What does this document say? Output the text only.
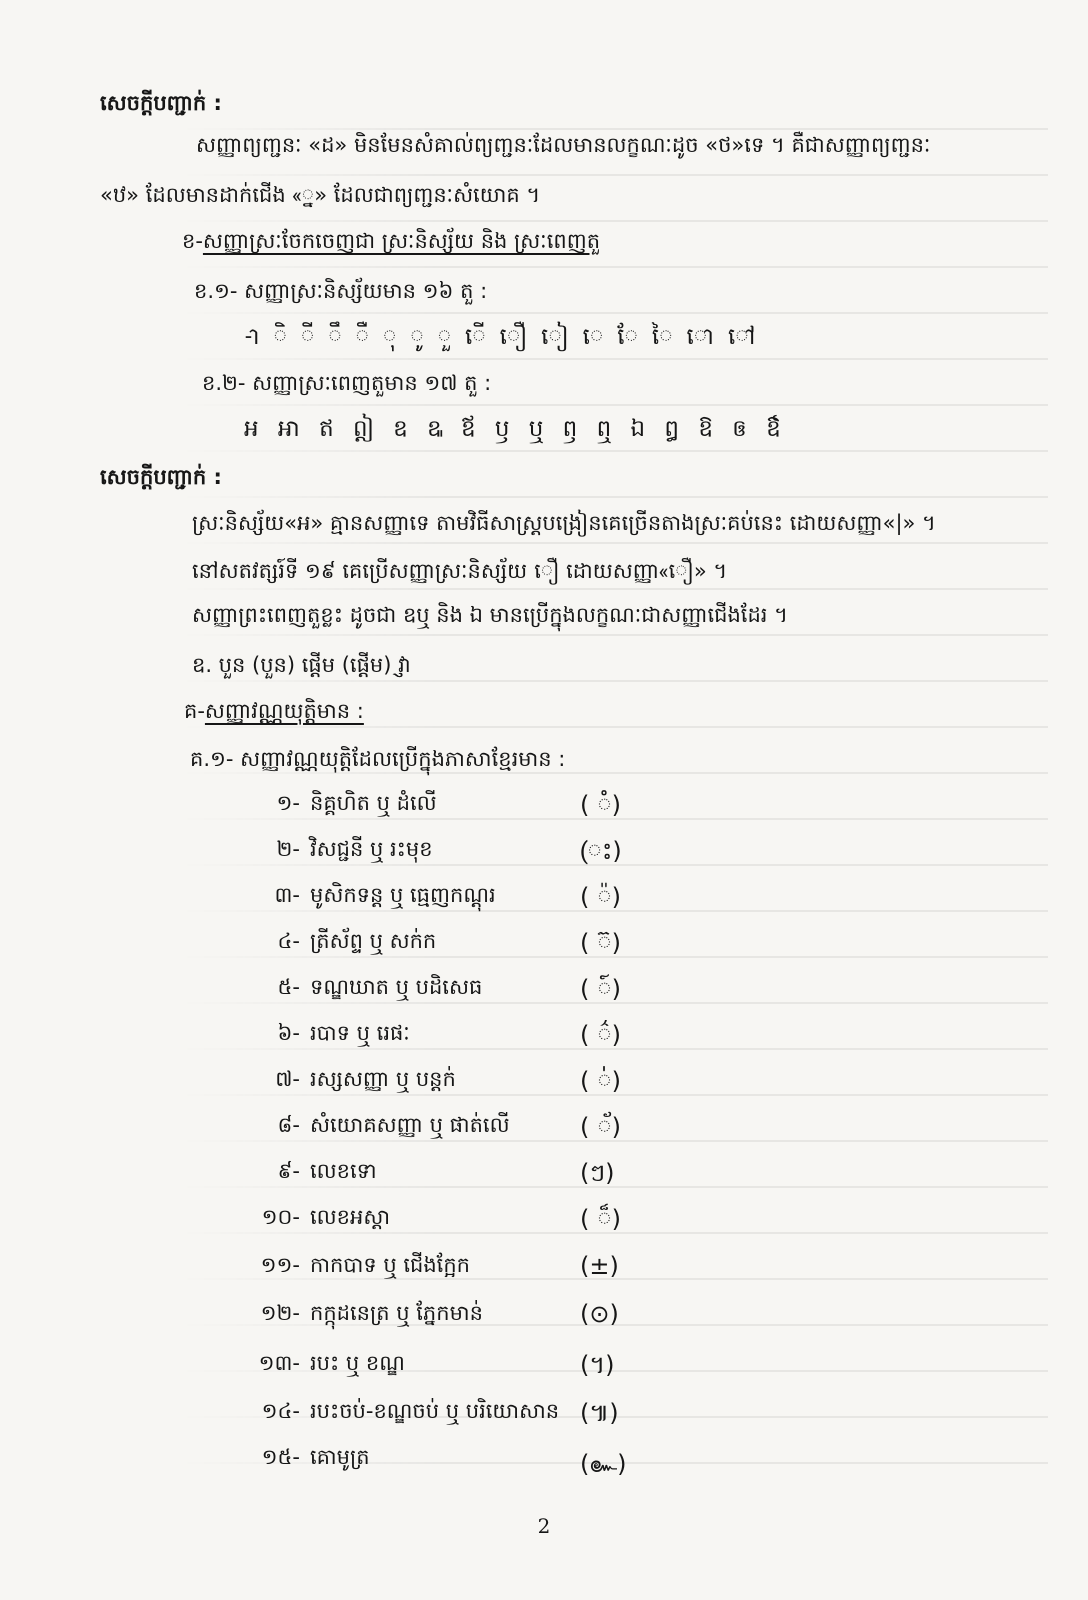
សេចក្ដីបញ្ជាក់ :
សញ្ញាព្យញ្ជនៈ «ដ» មិនមែនសំគាល់ព្យញ្ជនៈដែលមានលក្ខណៈដូច «ថ»ទេ ។ គឺជាសញ្ញាព្យញ្ជនៈ
«ឋ» ដែលមានដាក់ជើង «្ន» ដែលជាព្យញ្ជនៈសំយោគ ។
ខ-សញ្ញាស្រៈចែកចេញជា ស្រៈនិស្ស័យ និង ស្រៈពេញតួ
ខ.១- សញ្ញាស្រៈនិស្ស័យមាន ១៦ តួ :
-ា ិ ី ឹ ឺ ុ ូ ួ ើ ឿ ៀ េ ែ ៃ ោ ៅ
ខ.២- សញ្ញាស្រៈពេញតួមាន ១៧ តួ :
អ អា ឥ ឦ ឧ ឩ ឪ ឫ ឬ ឭ ឮ ឯ ឰ ឱ ឲ ឳ
សេចក្ដីបញ្ជាក់ :
ស្រៈនិស្ស័យ«អ» គ្មានសញ្ញាទេ តាមវិធីសាស្ត្របង្រៀនគេច្រើនតាងស្រៈគប់នេះ ដោយសញ្ញា«|» ។
នៅសតវត្សរ៍ទី ១៩ គេប្រើសញ្ញាស្រៈនិស្ស័យ ឿ ដោយសញ្ញា«ឿ» ។
សញ្ញាព្រះពេញតួខ្លះ ដូចជា ឧឬ និង ឯ មានប្រើក្នុងលក្ខណៈជាសញ្ញាជើងដែរ ។
ឧ. បួន (បួន) ផ្ដើម (ផ្ដើម) វ្ញ្ញា
គ-សញ្ញាវណ្ណយុត្តិមាន :
គ.១- សញ្ញាវណ្ណយុត្តិដែលប្រើក្នុងភាសាខ្មែរមាន :
១- និគ្គហិត ឬ ដំលើ	( ំ)
២- វិសជ្ជនី ឬ រះមុខ	(ះ)
៣- មូសិកទន្ត ឬ ធ្មេញកណ្ដុរ	( ៉)
៤- ត្រីស័ព្ទ ឬ សក់ក	( ៊)
៥- ទណ្ឌឃាត ឬ បដិសេធ	( ៍)
៦- របាទ ឬ រេផៈ	( ៌)
៧- រស្សសញ្ញា ឬ បន្តក់	( ់)
៨- សំយោគសញ្ញា ឬ ផាត់លើ	( ័)
៩- លេខទោ	(ៗ)
១០- លេខអស្តា	( ៏)
១១- កាកបាទ ឬ ជើងក្អែក	(±)
១២- កក្កុដនេត្រ ឬ ភ្នែកមាន់	(⊙)
១៣- របះ ឬ ខណ្ឌ	(។)
១៤- របះចប់-ខណ្ឌចប់ ឬ បរិយោសាន (៕)
១៥- គោមូត្រ	(๛)
2
